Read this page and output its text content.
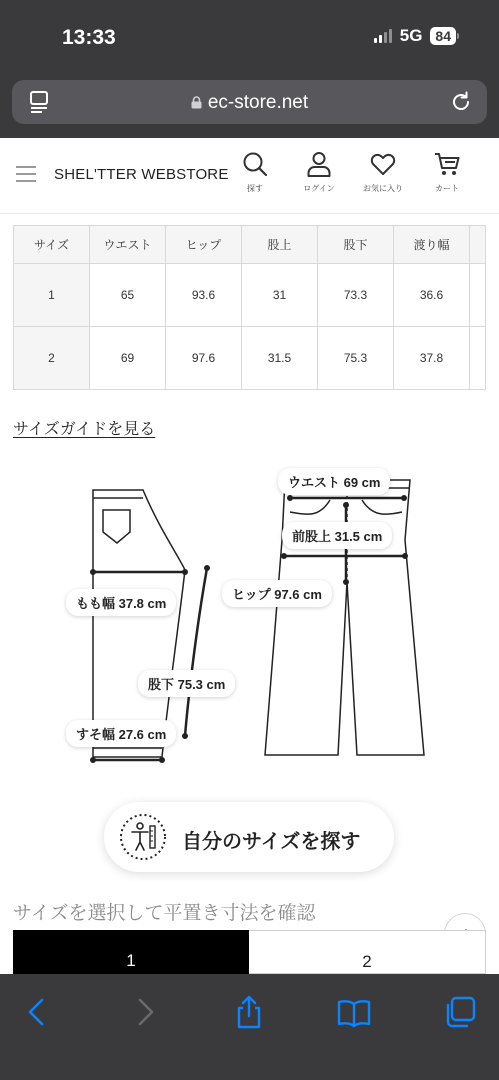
13:33	5G 84
ec-store.net
SHEL'TTER WEBSTORE
探す	ログイン	お気に入り	カート
サイズ	ウエスト	ヒップ	股上	股下	渡り幅	
1	65	93.6	31	73.3	36.6	
2	69	97.6	31.5	75.3	37.8	
サイズガイドを見る
ウエスト 69 cm
前股上 31.5 cm
ヒップ 97.6 cm
もも幅 37.8 cm
股下 75.3 cm
すそ幅 27.6 cm
自分のサイズを探す
サイズを選択して平置き寸法を確認
1	2
